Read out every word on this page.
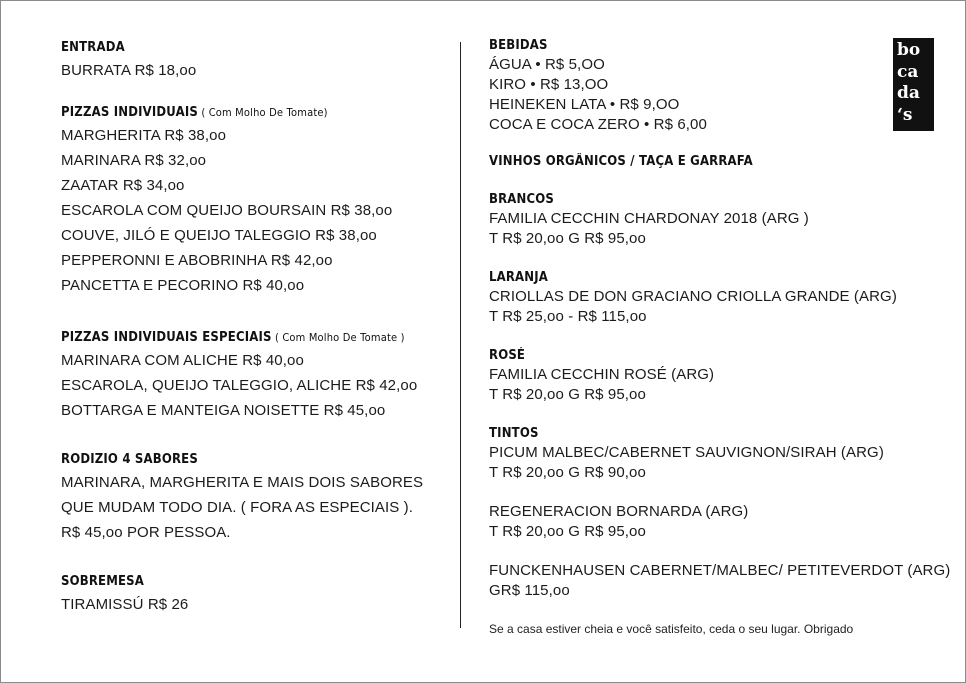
ENTRADA
BURRATA R$ 18,oo
PIZZAS INDIVIDUAIS ( Com Molho De Tomate)
MARGHERITA R$ 38,oo
MARINARA R$ 32,oo
ZAATAR R$ 34,oo
ESCAROLA COM QUEIJO BOURSAIN R$ 38,oo
COUVE, JILÓ E QUEIJO TALEGGIO R$ 38,oo
PEPPERONNI E ABOBRINHA R$ 42,oo
PANCETTA E PECORINO R$ 40,oo
PIZZAS INDIVIDUAIS ESPECIAIS ( Com Molho De Tomate )
MARINARA COM ALICHE R$ 40,oo
ESCAROLA, QUEIJO TALEGGIO, ALICHE R$ 42,oo
BOTTARGA E MANTEIGA NOISETTE R$ 45,oo
RODIZIO 4 SABORES
MARINARA, MARGHERITA E MAIS DOIS SABORES
QUE MUDAM TODO DIA. ( FORA AS ESPECIAIS ).
R$ 45,oo POR PESSOA.
SOBREMESA
TIRAMISSÚ R$ 26
BEBIDAS
ÁGUA • R$ 5,OO
KIRO • R$ 13,OO
HEINEKEN LATA • R$ 9,OO
COCA E COCA ZERO • R$ 6,00
VINHOS ORGÂNICOS / TAÇA E GARRAFA
BRANCOS
FAMILIA CECCHIN CHARDONAY 2018 (ARG )
T R$ 20,oo G R$ 95,oo
LARANJA
CRIOLLAS DE DON GRACIANO CRIOLLA GRANDE (ARG)
T R$ 25,oo - R$ 115,oo
ROSÉ
FAMILIA CECCHIN ROSÉ (ARG)
T R$ 20,oo G R$ 95,oo
TINTOS
PICUM MALBEC/CABERNET SAUVIGNON/SIRAH (ARG)
T R$ 20,oo G R$ 90,oo
REGENERACION BORNARDA (ARG)
T R$ 20,oo G R$ 95,oo
FUNCKENHAUSEN CABERNET/MALBEC/ PETITEVERDOT (ARG)
GR$ 115,oo
Se a casa estiver cheia e você satisfeito, ceda o seu lugar. Obrigado
bo
ca
da
‘s
